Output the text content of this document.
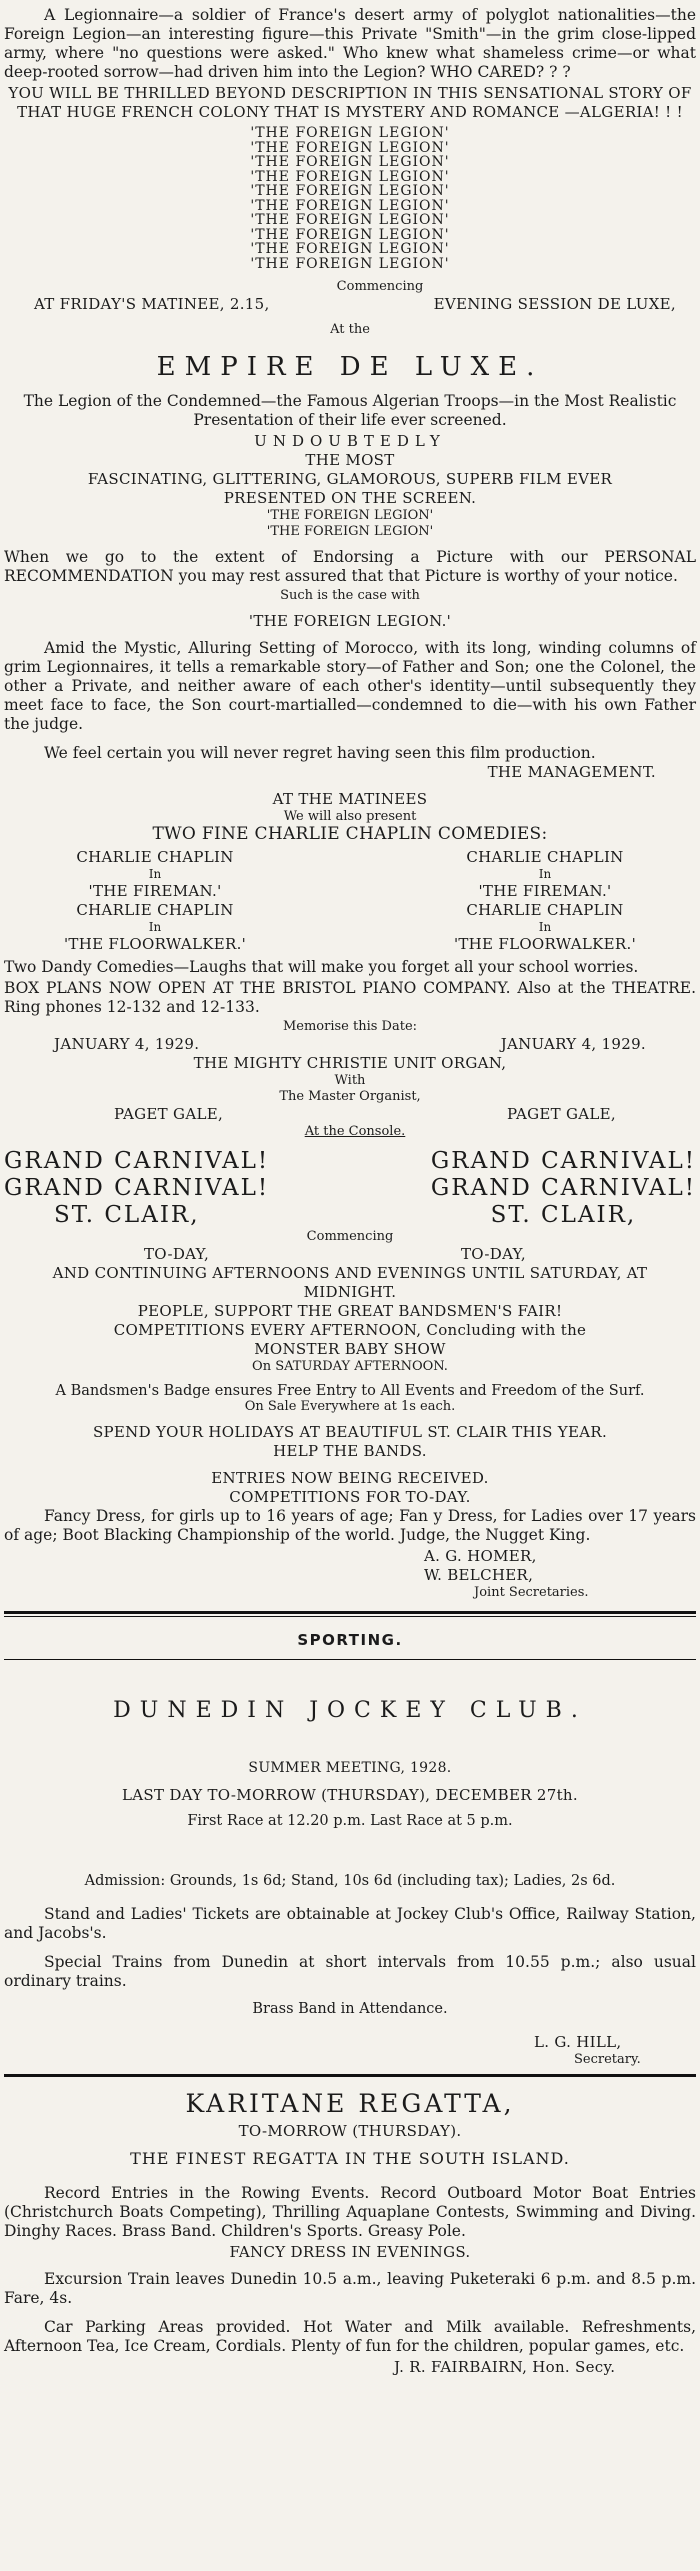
A Legionnaire—a soldier of France's desert army of polyglot nationalities—the Foreign Legion—an interesting figure—this Private "Smith"—in the grim close-lipped army, where "no questions were asked." Who knew what shameless crime—or what deep-rooted sorrow—had driven him into the Legion? WHO CARED? ? ?

YOU WILL BE THRILLED BEYOND DESCRIPTION IN THIS SENSATIONAL STORY OF THAT HUGE FRENCH COLONY THAT IS MYSTERY AND ROMANCE —ALGERIA! ! !

'THE FOREIGN LEGION'
'THE FOREIGN LEGION'
'THE FOREIGN LEGION'
'THE FOREIGN LEGION'
'THE FOREIGN LEGION'
'THE FOREIGN LEGION'
'THE FOREIGN LEGION'
'THE FOREIGN LEGION'
'THE FOREIGN LEGION'
'THE FOREIGN LEGION'

Commencing

AT FRIDAY'S MATINEE, 2.15,	EVENING SESSION DE LUXE,

At the

EMPIRE DE LUXE.

The Legion of the Condemned—the Famous Algerian Troops—in the Most Realistic Presentation of their life ever screened.

UNDOUBTEDLY

THE MOST

FASCINATING, GLITTERING, GLAMOROUS, SUPERB FILM EVER PRESENTED ON THE SCREEN.

'THE FOREIGN LEGION'

'THE FOREIGN LEGION'

When we go to the extent of Endorsing a Picture with our PERSONAL RECOMMENDATION you may rest assured that that Picture is worthy of your notice.

Such is the case with

'THE FOREIGN LEGION.'

Amid the Mystic, Alluring Setting of Morocco, with its long, winding columns of grim Legionnaires, it tells a remarkable story—of Father and Son; one the Colonel, the other a Private, and neither aware of each other's identity—until subsequently they meet face to face, the Son court-martialled—condemned to die—with his own Father the judge.

We feel certain you will never regret having seen this film production.

THE MANAGEMENT.

AT THE MATINEES

We will also present

TWO FINE CHARLIE CHAPLIN COMEDIES:

CHARLIE CHAPLIN
In
'THE FIREMAN.'
CHARLIE CHAPLIN
In
'THE FLOORWALKER.'
CHARLIE CHAPLIN
In
'THE FIREMAN.'
CHARLIE CHAPLIN
In
'THE FLOORWALKER.'

Two Dandy Comedies—Laughs that will make you forget all your school worries.

BOX PLANS NOW OPEN AT THE BRISTOL PIANO COMPANY. Also at the THEATRE. Ring phones 12-132 and 12-133.

Memorise this Date:

JANUARY 4, 1929.	JANUARY 4, 1929.

THE MIGHTY CHRISTIE UNIT ORGAN,

With

The Master Organist,

PAGET GALE,	PAGET GALE,

At the Console.

GRAND CARNIVAL!
GRAND CARNIVAL!
ST. CLAIR,
GRAND CARNIVAL!
GRAND CARNIVAL!
ST. CLAIR,

Commencing

TO-DAY,	TO-DAY,

AND CONTINUING AFTERNOONS AND EVENINGS UNTIL SATURDAY, AT MIDNIGHT.

PEOPLE, SUPPORT THE GREAT BANDSMEN'S FAIR!

COMPETITIONS EVERY AFTERNOON, Concluding with the

MONSTER BABY SHOW

On SATURDAY AFTERNOON.

A Bandsmen's Badge ensures Free Entry to All Events and Freedom of the Surf.

On Sale Everywhere at 1s each.

SPEND YOUR HOLIDAYS AT BEAUTIFUL ST. CLAIR THIS YEAR.

HELP THE BANDS.

ENTRIES NOW BEING RECEIVED.

COMPETITIONS FOR TO-DAY.

Fancy Dress, for girls up to 16 years of age; Fan y Dress, for Ladies over 17 years of age; Boot Blacking Championship of the world. Judge, the Nugget King.

A. G. HOMER,
W. BELCHER,
Joint Secretaries.
SPORTING.
DUNEDIN JOCKEY CLUB.

SUMMER MEETING, 1928.

LAST DAY TO-MORROW (THURSDAY), DECEMBER 27th.

First Race at 12.20 p.m. Last Race at 5 p.m.

Admission: Grounds, 1s 6d; Stand, 10s 6d (including tax); Ladies, 2s 6d.

Stand and Ladies' Tickets are obtainable at Jockey Club's Office, Railway Station, and Jacobs's.

Special Trains from Dunedin at short intervals from 10.55 p.m.; also usual ordinary trains.

Brass Band in Attendance.

L. G. HILL,
Secretary.
KARITANE REGATTA,

TO-MORROW (THURSDAY).

THE FINEST REGATTA IN THE SOUTH ISLAND.

Record Entries in the Rowing Events. Record Outboard Motor Boat Entries (Christchurch Boats Competing), Thrilling Aquaplane Contests, Swimming and Diving. Dinghy Races. Brass Band. Children's Sports. Greasy Pole.

FANCY DRESS IN EVENINGS.

Excursion Train leaves Dunedin 10.5 a.m., leaving Puketeraki 6 p.m. and 8.5 p.m. Fare, 4s.

Car Parking Areas provided. Hot Water and Milk available. Refreshments, Afternoon Tea, Ice Cream, Cordials. Plenty of fun for the children, popular games, etc.

J. R. FAIRBAIRN, Hon. Secy.
